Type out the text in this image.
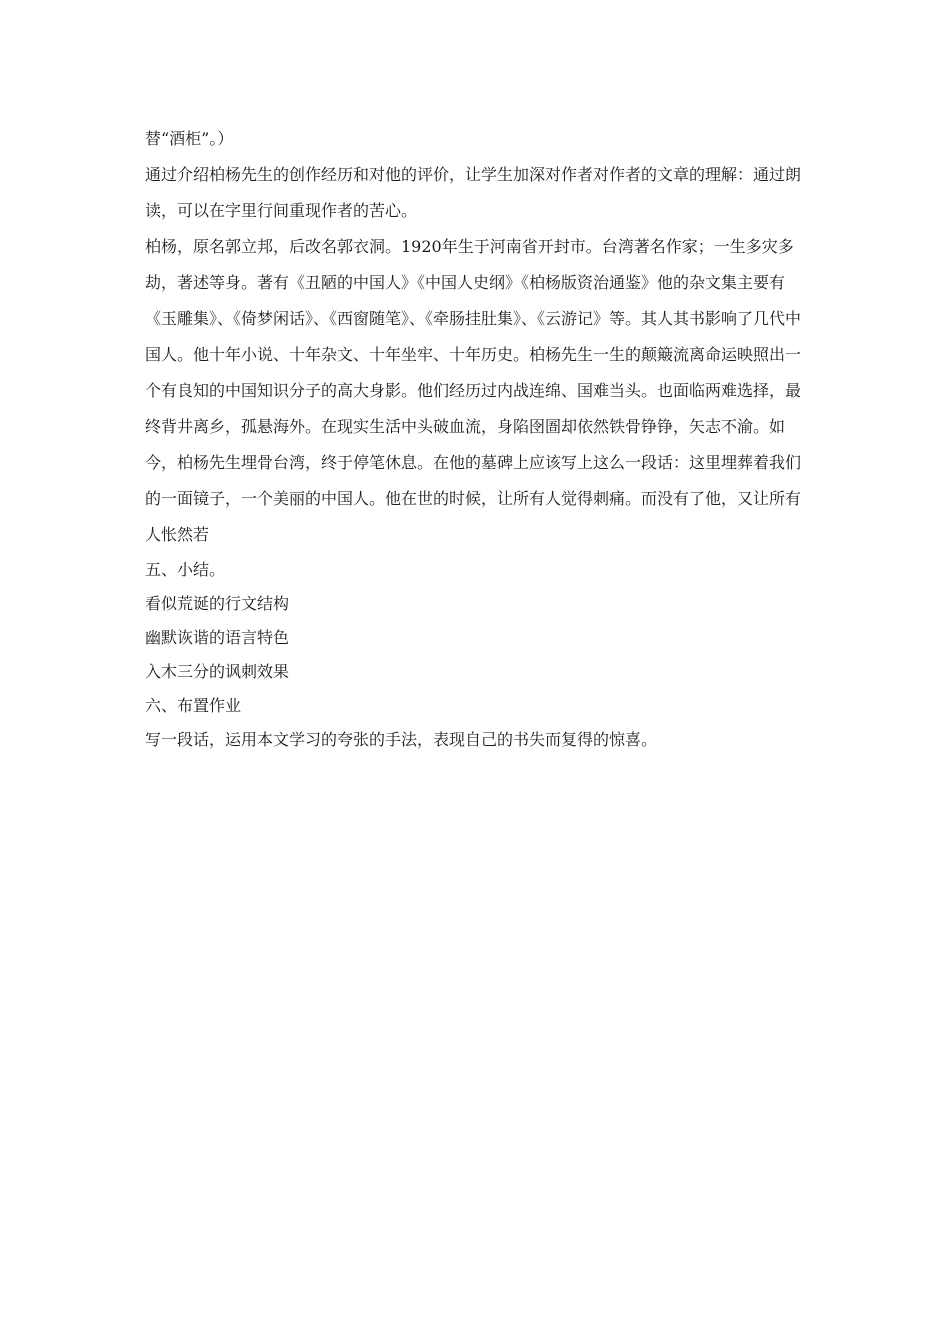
替“酒柜”。）

通过介绍柏杨先生的创作经历和对他的评价，让学生加深对作者对作者的文章的理解：通过朗读，可以在字里行间重现作者的苦心。

柏杨，原名郭立邦，后改名郭衣洞。1920年生于河南省开封市。台湾著名作家；一生多灾多劫，著述等身。著有《丑陋的中国人》《中国人史纲》《柏杨版资治通鉴》他的杂文集主要有《玉雕集》、《倚梦闲话》、《西窗随笔》、《牵肠挂肚集》、《云游记》等。其人其书影响了几代中国人。他十年小说、十年杂文、十年坐牢、十年历史。柏杨先生一生的颠簸流离命运映照出一个有良知的中国知识分子的高大身影。他们经历过内战连绵、国难当头。也面临两难选择，最终背井离乡，孤悬海外。在现实生活中头破血流，身陷囹圄却依然铁骨铮铮，矢志不渝。如今，柏杨先生埋骨台湾，终于停笔休息。在他的墓碑上应该写上这么一段话：这里埋葬着我们的一面镜子，一个美丽的中国人。他在世的时候，让所有人觉得刺痛。而没有了他，又让所有人怅然若

五、小结。

看似荒诞的行文结构

幽默诙谐的语言特色

入木三分的讽刺效果

六、布置作业

写一段话，运用本文学习的夸张的手法，表现自己的书失而复得的惊喜。
